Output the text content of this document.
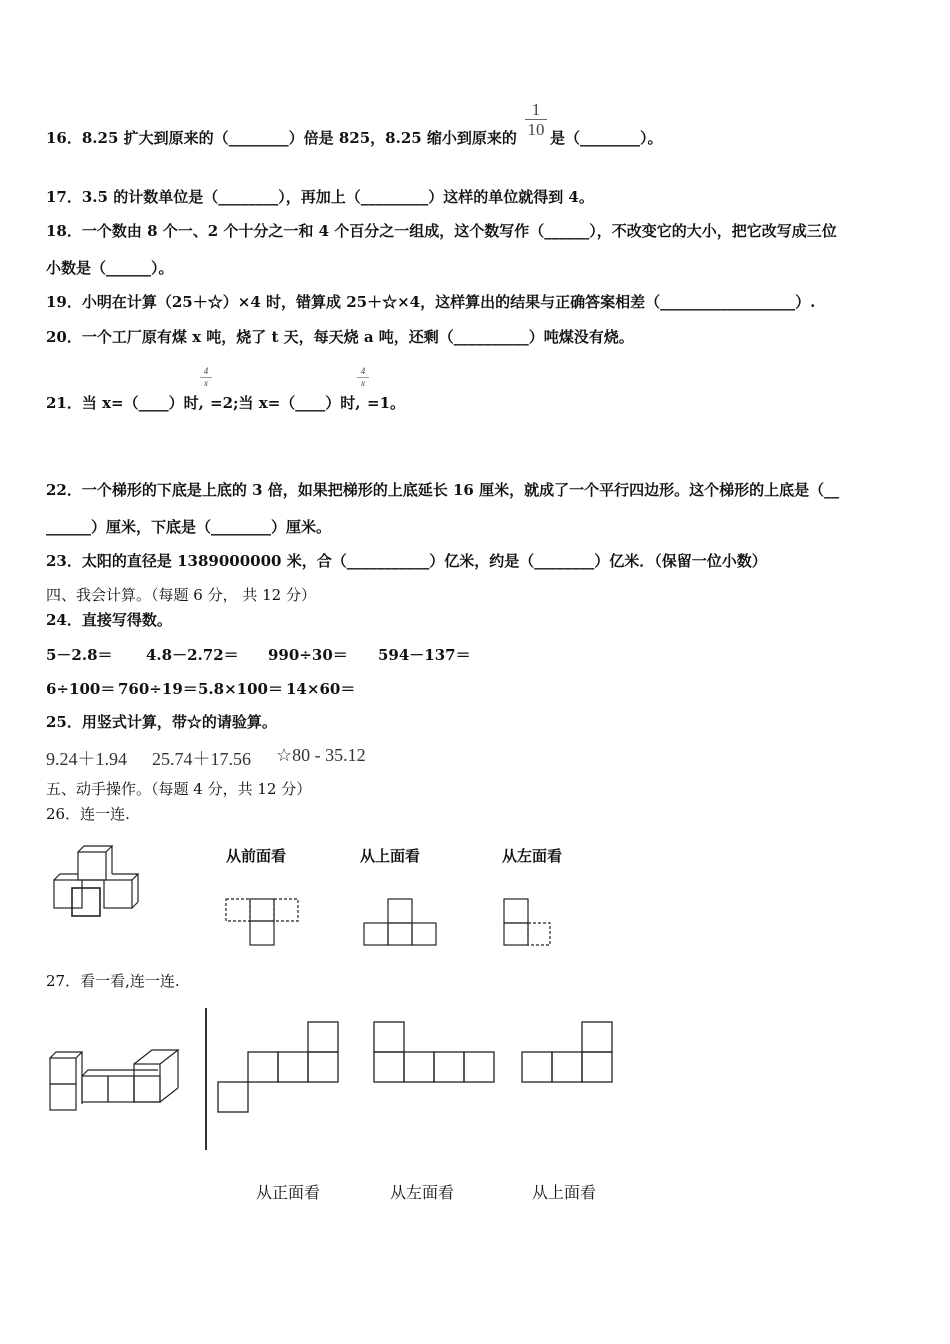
16．8.25 扩大到原来的（________）倍是 825，8.25 缩小到原来的 $\frac{1}{10}$ 是（________）。
17．3.5 的计数单位是（________），再加上（_________）这样的单位就得到 4。
18．一个数由 8 个一、2 个十分之一和 4 个百分之一组成，这个数写作（______），不改变它的大小，把它改写成三位
小数是（______）。
19．小明在计算（25＋☆）×4 时，错算成 25＋☆×4，这样算出的结果与正确答案相差（__________________）.
20．一个工厂原有煤 x 吨，烧了 t 天，每天烧 a 吨，还剩（__________）吨煤没有烧。
21．当 x=（____）时,
$\frac{4}{x}$
=2;当 x=（____）时,
$\frac{4}{x}$
=1。
22．一个梯形的下底是上底的 3 倍，如果把梯形的上底延长 16 厘米，就成了一个平行四边形。这个梯形的上底是（__
______）厘米，下底是（________）厘米。
23．太阳的直径是 1389000000 米，合（___________）亿米，约是（________）亿米．（保留一位小数）
四、我会计算。（每题 6 分， 共 12 分）
24．直接写得数。
5－2.8＝ 4.8－2.72＝ 990÷30＝ 594－137＝
6÷100＝ 760÷19＝ 5.8×100＝ 14×60＝
25．用竖式计算，带☆的请验算。
9.24＋1.94 25.74＋17.56 ☆80 - 35.12
五、动手操作。（每题 4 分，共 12 分）
26．连一连.
从前面看	从上面看	从左面看
27．看一看,连一连.
从正面看	从左面看	从上面看
